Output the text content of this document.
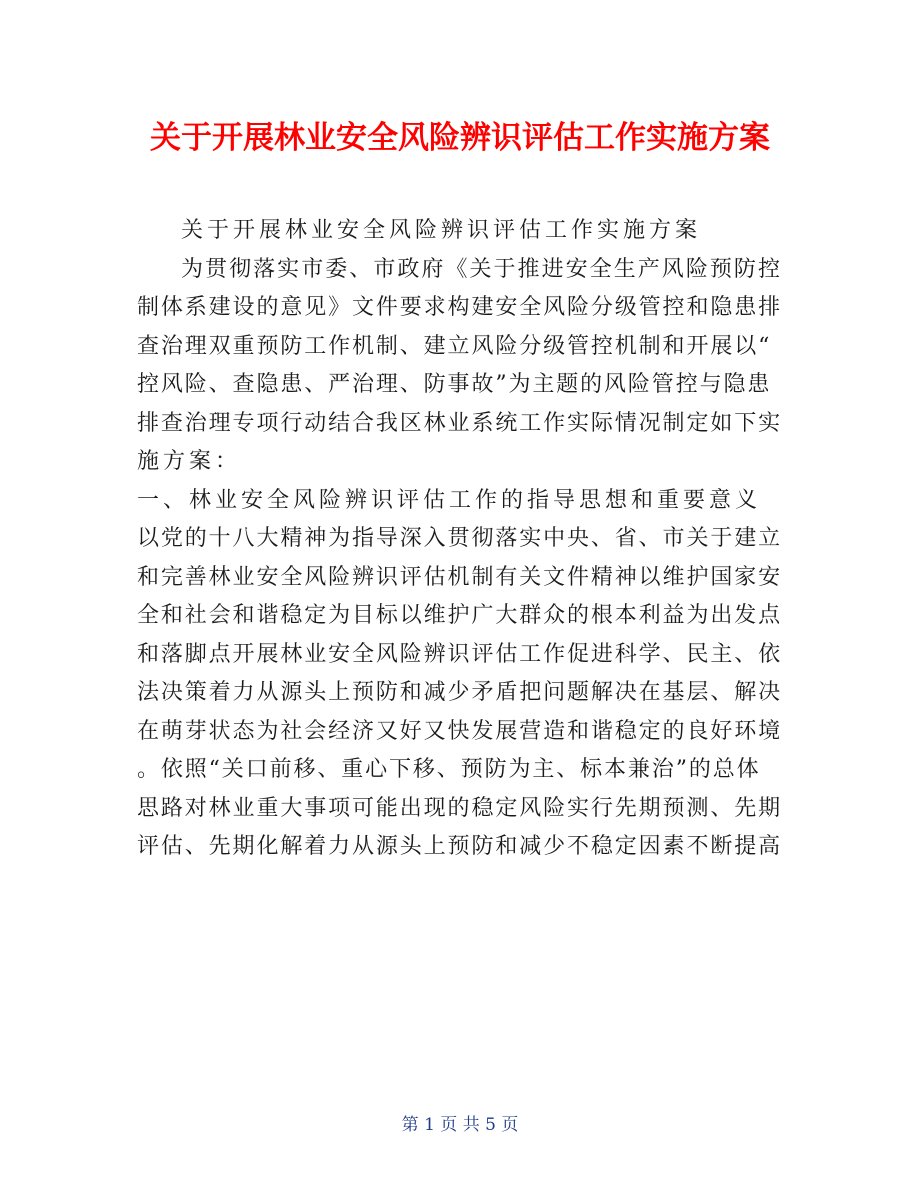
关于开展林业安全风险辨识评估工作实施方案
关于开展林业安全风险辨识评估工作实施方案
为贯彻落实市委、市政府《关于推进安全生产风险预防控
制体系建设的意见》文件要求构建安全风险分级管控和隐患排
查治理双重预防工作机制、建立风险分级管控机制和开展以“
控风险、查隐患、严治理、防事故”为主题的风险管控与隐患
排查治理专项行动结合我区林业系统工作实际情况制定如下实
施方案：
一、林业安全风险辨识评估工作的指导思想和重要意义
以党的十八大精神为指导深入贯彻落实中央、省、市关于建立
和完善林业安全风险辨识评估机制有关文件精神以维护国家安
全和社会和谐稳定为目标以维护广大群众的根本利益为出发点
和落脚点开展林业安全风险辨识评估工作促进科学、民主、依
法决策着力从源头上预防和减少矛盾把问题解决在基层、解决
在萌芽状态为社会经济又好又快发展营造和谐稳定的良好环境
。依照“关口前移、重心下移、预防为主、标本兼治”的总体
思路对林业重大事项可能出现的稳定风险实行先期预测、先期
评估、先期化解着力从源头上预防和减少不稳定因素不断提高
第 1 页 共 5 页
